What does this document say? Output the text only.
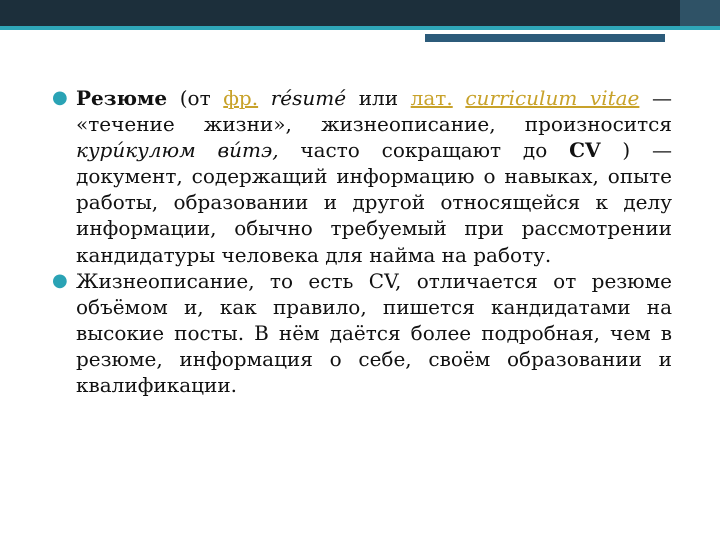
● Резюме (от фр. résumé или лат. curriculum vitae — «течение жизни», жизнеописание, произносится кури́кулюм ви́тэ, часто сокращают до CV ) — документ, содержащий информацию о навыках, опыте работы, образовании и другой относящейся к делу информации, обычно требуемый при рассмотрении кандидатуры человека для найма на работу.
● Жизнеописание, то есть CV, отличается от резюме объёмом и, как правило, пишется кандидатами на высокие посты. В нём даётся более подробная, чем в резюме, информация о себе, своём образовании и квалификации.
